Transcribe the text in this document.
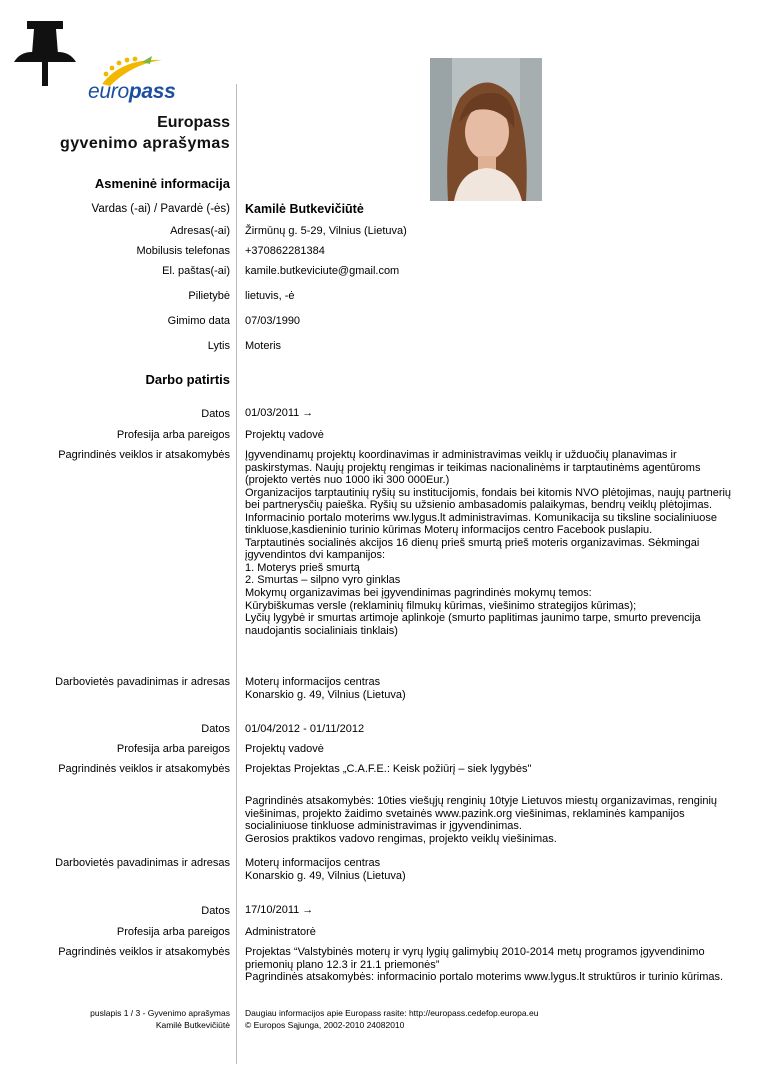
europass
Europass
gyvenimo aprašymas
Asmeninė informacija
Vardas (-ai) / Pavardė (-ės) Kamilė Butkevičiūtė
Adresas(-ai) Žirmūnų g. 5-29, Vilnius (Lietuva)
Mobilusis telefonas +370862281384
El. paštas(-ai) kamile.butkeviciute@gmail.com
Pilietybė lietuvis, -ė
Gimimo data 07/03/1990
Lytis Moteris
Darbo patirtis
Datos 01/03/2011 →
Profesija arba pareigos Projektų vadovė
Pagrindinės veiklos ir atsakomybės Įgyvendinamų projektų koordinavimas ir administravimas veiklų ir užduočių planavimas ir
paskirstymas. Naujų projektų rengimas ir teikimas nacionalinėms ir tarptautinėms agentūroms
(projekto vertės nuo 1000 iki 300 000Eur.)
Organizacijos tarptautinių ryšių su institucijomis, fondais bei kitomis NVO plėtojimas, naujų partnerių
bei partnerysčių paieška. Ryšių su užsienio ambasadomis palaikymas, bendrų veiklų plėtojimas.
Informacinio portalo moterims ww.lygus.lt administravimas. Komunikacija su tiksline socialiniuose
tinkluose,kasdieninio turinio kūrimas Moterų informacijos centro Facebook puslapiu.
Tarptautinės socialinės akcijos 16 dienų prieš smurtą prieš moteris organizavimas. Sėkmingai
įgyvendintos dvi kampanijos:
1. Moterys prieš smurtą
2. Smurtas – silpno vyro ginklas
Mokymų organizavimas bei įgyvendinimas pagrindinės mokymų temos:
Kūrybiškumas versle (reklaminių filmukų kūrimas, viešinimo strategijos kūrimas);
Lyčių lygybė ir smurtas artimoje aplinkoje (smurto paplitimas jaunimo tarpe, smurto prevencija
naudojantis socialiniais tinklais)
Darbovietės pavadinimas ir adresas Moterų informacijos centras
Konarskio g. 49, Vilnius (Lietuva)
Datos 01/04/2012 - 01/11/2012
Profesija arba pareigos Projektų vadovė
Pagrindinės veiklos ir atsakomybės Projektas Projektas „C.A.F.E.: Keisk požiūrį – siek lygybės"
Pagrindinės atsakomybės: 10ties viešųjų renginių 10tyje Lietuvos miestų organizavimas, renginių
viešinimas, projekto žaidimo svetainės www.pazink.org viešinimas, reklaminės kampanijos
socialiniuose tinkluose administravimas ir įgyvendinimas.
Gerosios praktikos vadovo rengimas, projekto veiklų viešinimas.
Darbovietės pavadinimas ir adresas Moterų informacijos centras
Konarskio g. 49, Vilnius (Lietuva)
Datos 17/10/2011 →
Profesija arba pareigos Administratorė
Pagrindinės veiklos ir atsakomybės Projektas “Valstybinės moterų ir vyrų lygių galimybių 2010-2014 metų programos įgyvendinimo
priemonių plano 12.3 ir 21.1 priemonės”
Pagrindinės atsakomybės: informacinio portalo moterims www.lygus.lt struktūros ir turinio kūrimas.
puslapis 1 / 3 - Gyvenimo aprašymas
Kamilė Butkevičiūtė
Daugiau informacijos apie Europass rasite: http://europass.cedefop.europa.eu
© Europos Sąjunga, 2002-2010 24082010
